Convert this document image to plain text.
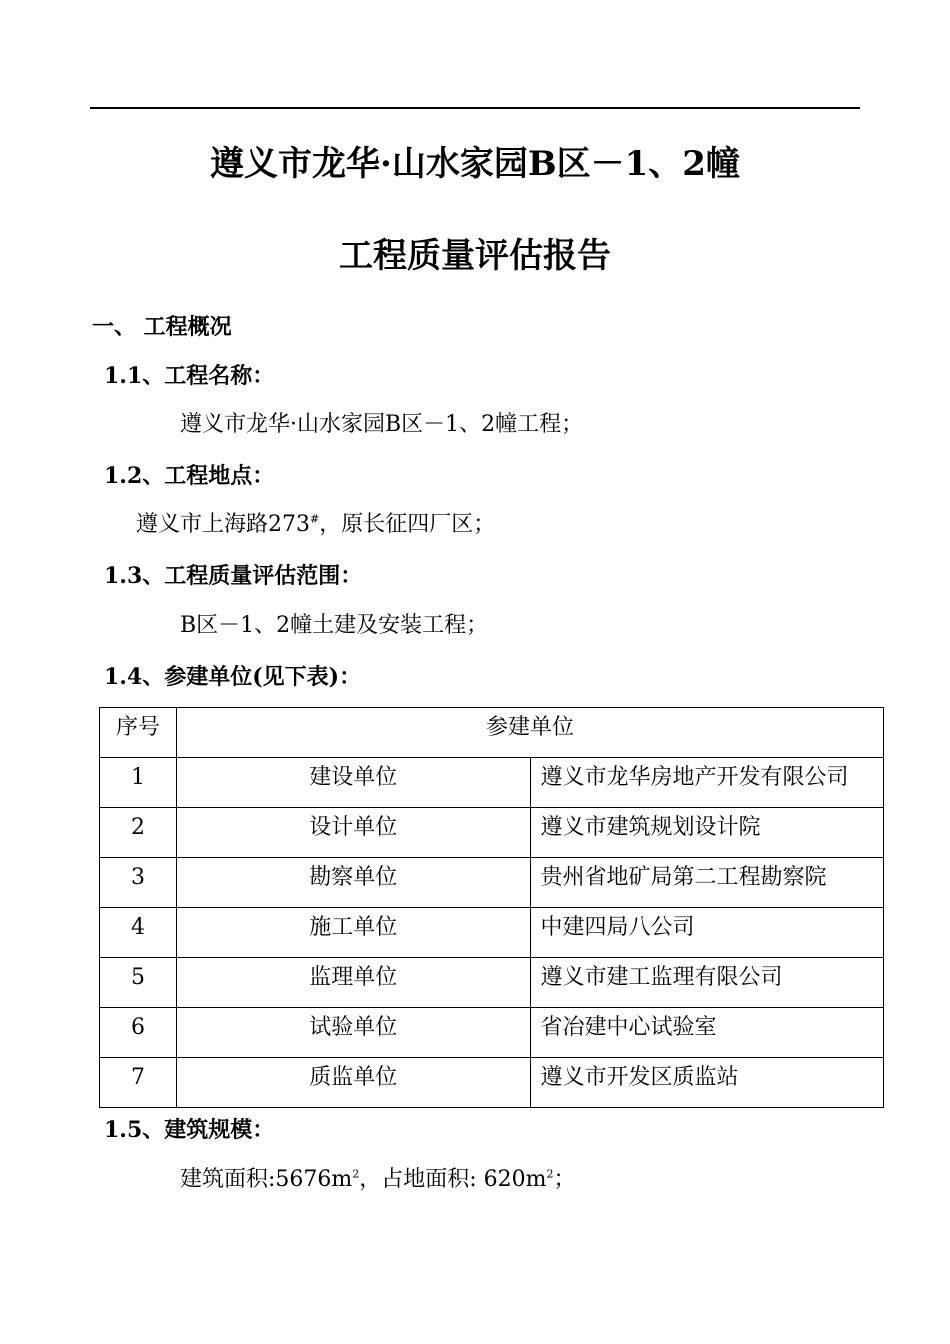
遵义市龙华·山水家园B区－1、2幢
工程质量评估报告
一、 工程概况
1.1、工程名称：
遵义市龙华·山水家园B区－1、2幢工程；
1.2、工程地点：
遵义市上海路273#，原长征四厂区；
1.3、工程质量评估范围：
B区－1、2幢土建及安装工程；
1.4、参建单位(见下表)：
序号	参建单位	
1	建设单位	遵义市龙华房地产开发有限公司
2	设计单位	遵义市建筑规划设计院
3	勘察单位	贵州省地矿局第二工程勘察院
4	施工单位	中建四局八公司
5	监理单位	遵义市建工监理有限公司
6	试验单位	省冶建中心试验室
7	质监单位	遵义市开发区质监站
1.5、建筑规模：
建筑面积$:5676m^2$，占地面积: $620m^2$；
